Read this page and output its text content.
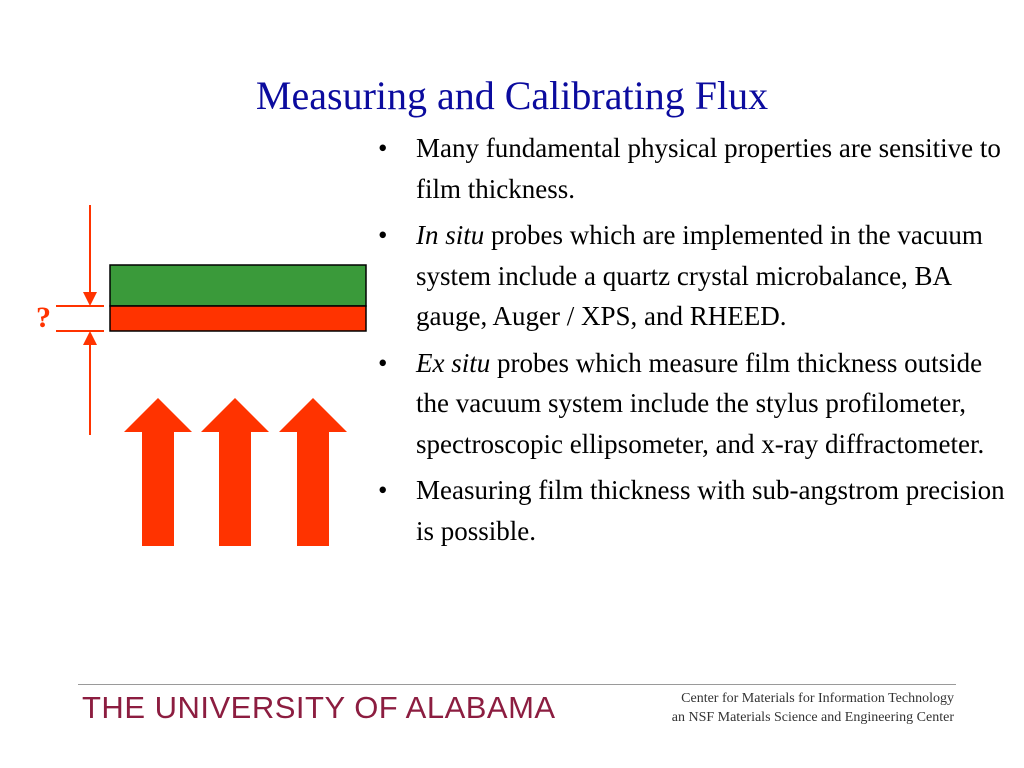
Measuring and Calibrating Flux
?
• Many fundamental physical properties are sensitive to film thickness.
• In situ probes which are implemented in the vacuum system include a quartz crystal microbalance, BA gauge, Auger / XPS, and RHEED.
• Ex situ probes which measure film thickness outside the vacuum system include the stylus profilometer, spectroscopic ellipsometer, and x-ray diffractometer.
• Measuring film thickness with sub-angstrom precision is possible.
THE UNIVERSITY OF ALABAMA	Center for Materials for Information Technology
an NSF Materials Science and Engineering Center
